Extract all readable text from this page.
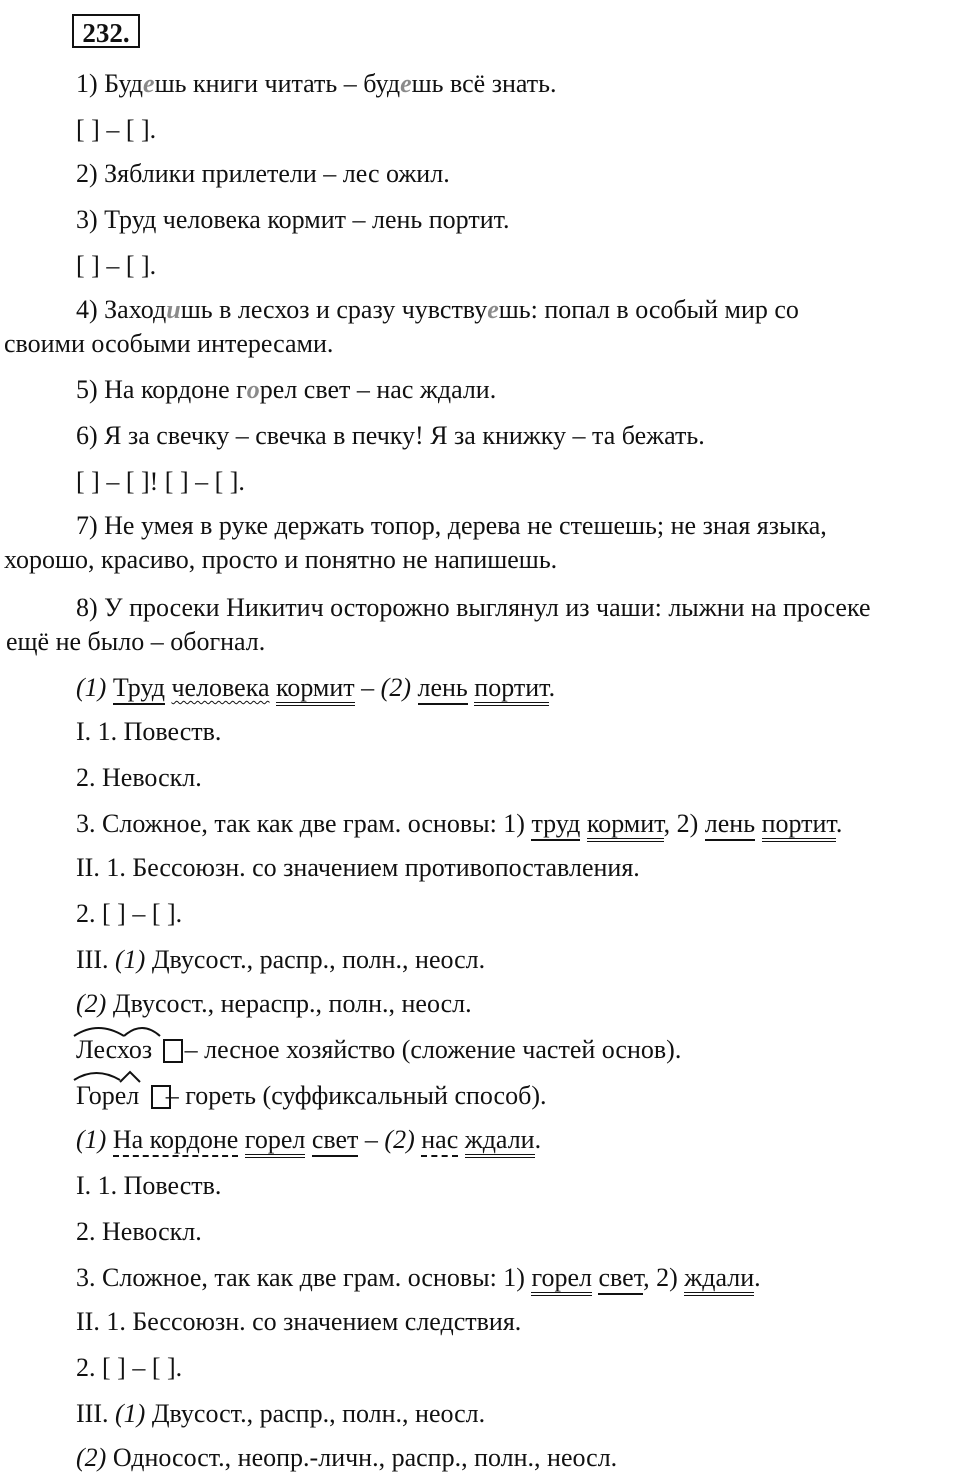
232.
1) Будешь книги читать – будешь всё знать.
[ ] – [ ].
2) Зяблики прилетели – лес ожил.
3) Труд человека кормит – лень портит.
[ ] – [ ].
4) Заходишь в лесхоз и сразу чувствуешь: попал в особый мир со
своими особыми интересами.
5) На кордоне горел свет – нас ждали.
6) Я за свечку – свечка в печку! Я за книжку – та бежать.
[ ] – [ ]! [ ] – [ ].
7) Не умея в руке держать топор, дерева не стешешь; не зная языка,
хорошо, красиво, просто и понятно не напишешь.
8) У просеки Никитич осторожно выглянул из чаши: лыжни на просеке
ещё не было – обогнал.
(1) Труд человека кормит – (2) лень портит.
I. 1. Повеств.
2. Невоскл.
3. Сложное, так как две грам. основы: 1) труд кормит, 2) лень портит.
II. 1. Бессоюзн. со значением противопоставления.
2. [ ] – [ ].
III. (1) Двусост., распр., полн., неосл.
(2) Двусост., нераспр., полн., неосл.
Лесхоз – лесное хозяйство (сложение частей основ).
Горел – гореть (суффиксальный способ).
(1) На кордоне горел свет – (2) нас ждали.
I. 1. Повеств.
2. Невоскл.
3. Сложное, так как две грам. основы: 1) горел свет, 2) ждали.
II. 1. Бессоюзн. со значением следствия.
2. [ ] – [ ].
III. (1) Двусост., распр., полн., неосл.
(2) Односост., неопр.-личн., распр., полн., неосл.
